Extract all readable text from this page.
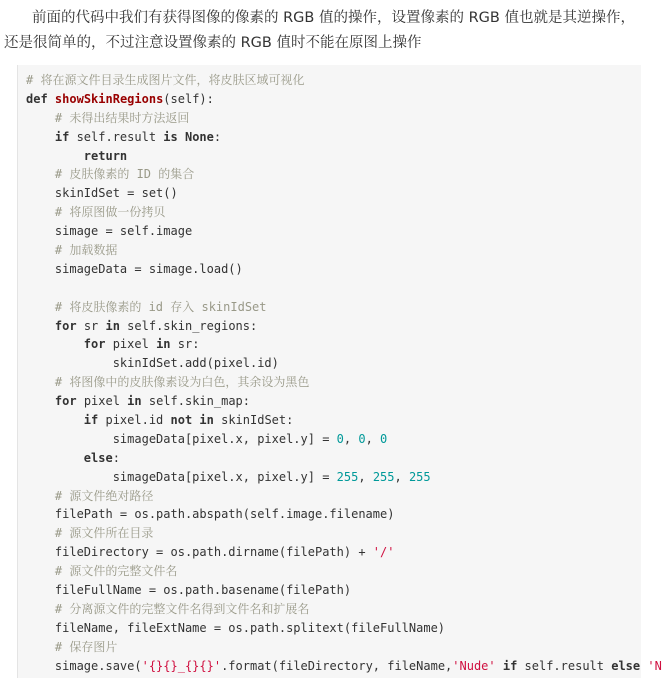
前面的代码中我们有获得图像的像素的 RGB 值的操作，设置像素的 RGB 值也就是其逆操作，
还是很简单的，不过注意设置像素的 RGB 值时不能在原图上操作
# 将在源文件目录生成图片文件，将皮肤区域可视化
def showSkinRegions(self):
# 未得出结果时方法返回
if self.result is None:
return
# 皮肤像素的 ID 的集合
skinIdSet = set()
# 将原图做一份拷贝
simage = self.image
# 加载数据
simageData = simage.load()

# 将皮肤像素的 id 存入 skinIdSet
for sr in self.skin_regions:
for pixel in sr:
skinIdSet.add(pixel.id)
# 将图像中的皮肤像素设为白色，其余设为黑色
for pixel in self.skin_map:
if pixel.id not in skinIdSet:
simageData[pixel.x, pixel.y] = 0, 0, 0
else:
simageData[pixel.x, pixel.y] = 255, 255, 255
# 源文件绝对路径
filePath = os.path.abspath(self.image.filename)
# 源文件所在目录
fileDirectory = os.path.dirname(filePath) + '/'
# 源文件的完整文件名
fileFullName = os.path.basename(filePath)
# 分离源文件的完整文件名得到文件名和扩展名
fileName, fileExtName = os.path.splitext(fileFullName)
# 保存图片
simage.save('{}{}_{}{}'.format(fileDirectory, fileName,'Nude' if self.result else 'N
